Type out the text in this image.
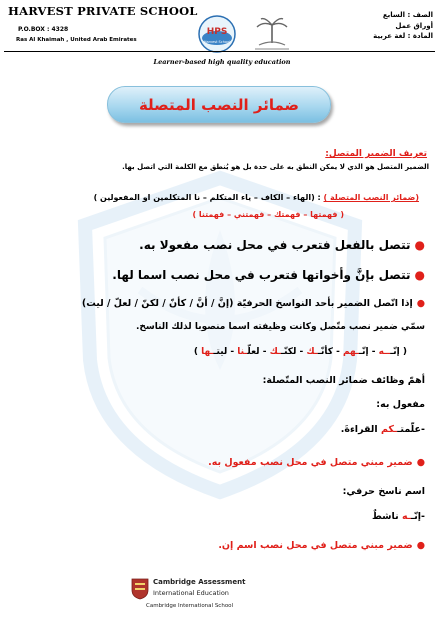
HARVEST PRIVATE SCHOOL
P.O.BOX : 4328
Ras Al Khaimah , United Arab Emirates
HPS
Harvest School
الصف : السابع
أوراق عمل
المادة : لغة عربية
Learner-based high quality education
ضمائر النصب المتصلة
تعريف الضمير المتصل:
الضمير المتصل هو الذي لا يمكن النطق به على حدة بل هو يُنطق مع الكلمة التي اتصل بها.
(ضمائر النصب المتصلة ) : (الهاء – الكاف – ياء المتكلم – نا المتكلمين او المفعولين )
( فهمتها – فهمتك – فهمتني – فهمتنا )
●تتصل بالفعل فتعرب في محل نصب مفعولا به.
●تتصل بإنَّ وأخواتها فتعرب في محل نصب اسما لها.
●إذا اتّصل الضمير بأحد النواسخ الحرفيّة (إنَّ / أنَّ / كأنّ / لكنّ / لعلّ / ليت)
سمّي ضمير نصب متّصل وكانت وظيفته اسما منصوبا لذلك الناسخ.
( إنّـــه - إنّــهم - كأنّــك - لكنّــك - لعلّـنا - ليتــها )
أهمّ وظائف ضمائر النصب المتّصلة:
مفعول به:
-علّمتــكم القراءةَ.
●ضمير مبني متصل في محل نصب مفعول به.
اسم ناسخ حرفي:
-إنّــه ناشطٌ
●ضمير مبني متصل في محل نصب اسم إن.
Cambridge Assessment
International Education
Cambridge International School
